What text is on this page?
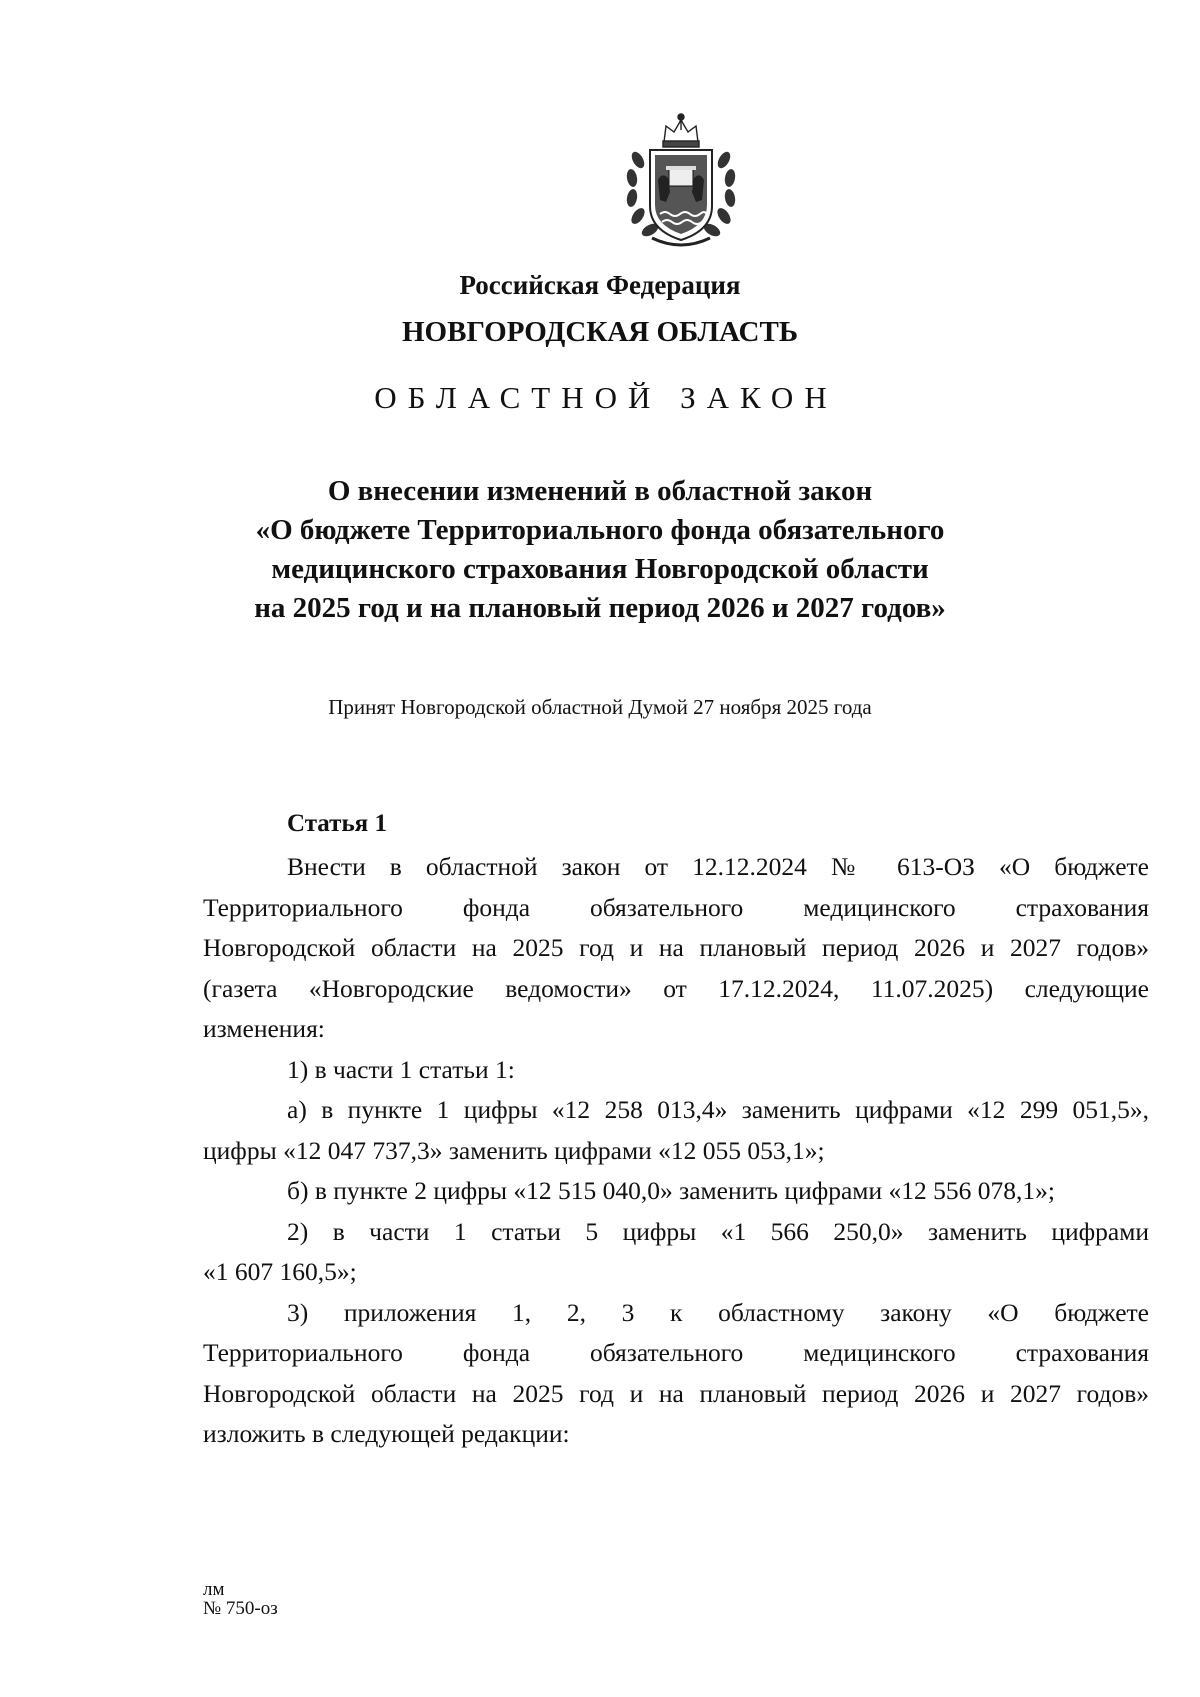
Российская Федерация
НОВГОРОДСКАЯ ОБЛАСТЬ
ОБЛАСТНОЙ ЗАКОН
О внесении изменений в областной закон
«О бюджете Территориального фонда обязательного
медицинского страхования Новгородской области
на 2025 год и на плановый период 2026 и 2027 годов»
Принят Новгородской областной Думой 27 ноября 2025 года
Статья 1

Внести в областной закон от 12.12.2024 № 613-ОЗ «О бюджете

Территориального фонда обязательного медицинского страхования

Новгородской области на 2025 год и на плановый период 2026 и 2027 годов»

(газета «Новгородские ведомости» от 17.12.2024, 11.07.2025) следующие

изменения:

1) в части 1 статьи 1:

а) в пункте 1 цифры «12 258 013,4» заменить цифрами «12 299 051,5»,

цифры «12 047 737,3» заменить цифрами «12 055 053,1»;

б) в пункте 2 цифры «12 515 040,0» заменить цифрами «12 556 078,1»;

2) в части 1 статьи 5 цифры «1 566 250,0» заменить цифрами

«1 607 160,5»;

3) приложения 1, 2, 3 к областному закону «О бюджете

Территориального фонда обязательного медицинского страхования

Новгородской области на 2025 год и на плановый период 2026 и 2027 годов»

изложить в следующей редакции:

лм
№ 750-оз
